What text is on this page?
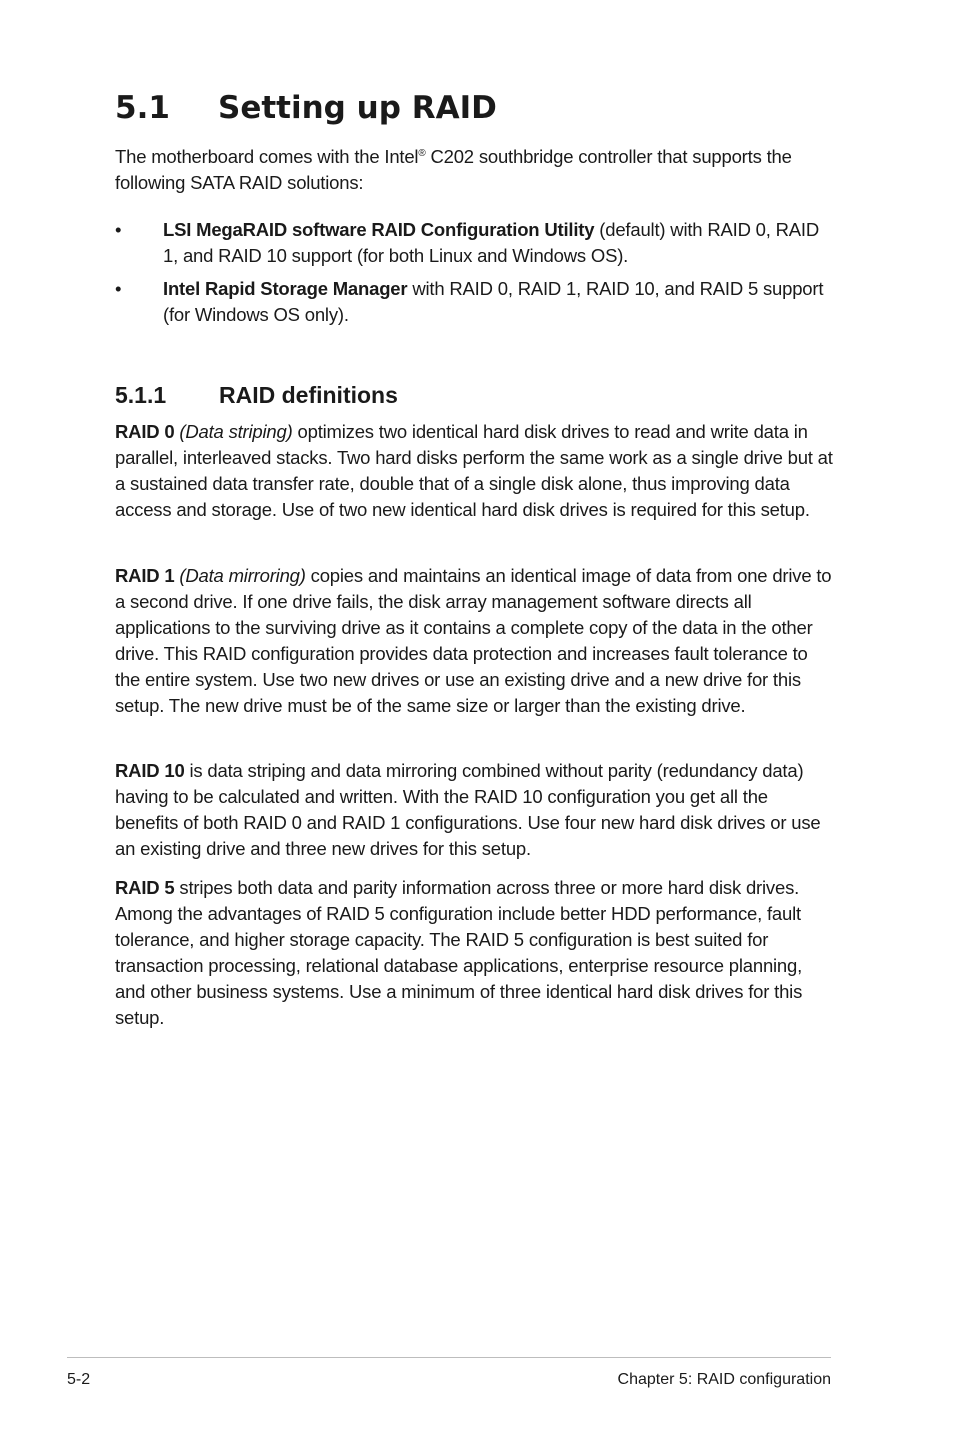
5.1 Setting up RAID
The motherboard comes with the Intel® C202 southbridge controller that supports the following SATA RAID solutions:
•	LSI MegaRAID software RAID Configuration Utility (default) with RAID 0, RAID 1, and RAID 10 support (for both Linux and Windows OS).
•	Intel Rapid Storage Manager with RAID 0, RAID 1, RAID 10, and RAID 5 support (for Windows OS only).
5.1.1 RAID definitions
RAID 0 (Data striping) optimizes two identical hard disk drives to read and write data in parallel, interleaved stacks. Two hard disks perform the same work as a single drive but at a sustained data transfer rate, double that of a single disk alone, thus improving data access and storage. Use of two new identical hard disk drives is required for this setup.
RAID 1 (Data mirroring) copies and maintains an identical image of data from one drive to a second drive. If one drive fails, the disk array management software directs all applications to the surviving drive as it contains a complete copy of the data in the other drive. This RAID configuration provides data protection and increases fault tolerance to the entire system. Use two new drives or use an existing drive and a new drive for this setup. The new drive must be of the same size or larger than the existing drive.
RAID 10 is data striping and data mirroring combined without parity (redundancy data) having to be calculated and written. With the RAID 10 configuration you get all the benefits of both RAID 0 and RAID 1 configurations. Use four new hard disk drives or use an existing drive and three new drives for this setup.
RAID 5 stripes both data and parity information across three or more hard disk drives. Among the advantages of RAID 5 configuration include better HDD performance, fault tolerance, and higher storage capacity. The RAID 5 configuration is best suited for transaction processing, relational database applications, enterprise resource planning, and other business systems. Use a minimum of three identical hard disk drives for this setup.
5-2	Chapter 5: RAID configuration
